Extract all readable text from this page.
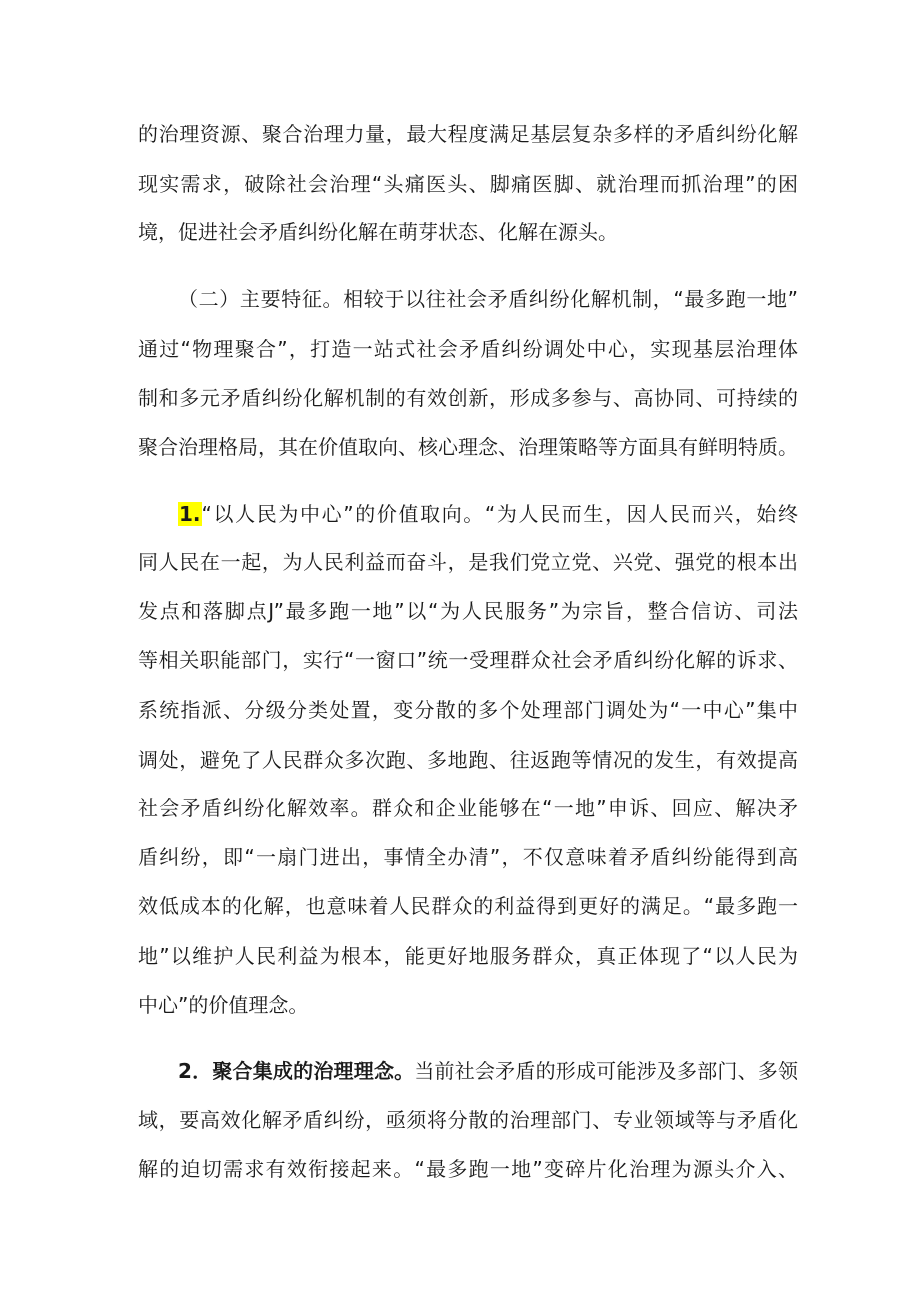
的治理资源、聚合治理力量，最大程度满足基层复杂多样的矛盾纠纷化解
现实需求，破除社会治理“头痛医头、脚痛医脚、就治理而抓治理”的困
境，促进社会矛盾纠纷化解在萌芽状态、化解在源头。
（二）主要特征。相较于以往社会矛盾纠纷化解机制，“最多跑一地”
通过“物理聚合”，打造一站式社会矛盾纠纷调处中心，实现基层治理体
制和多元矛盾纠纷化解机制的有效创新，形成多参与、高协同、可持续的
聚合治理格局，其在价值取向、核心理念、治理策略等方面具有鲜明特质。
1.“以人民为中心”的价值取向。“为人民而生，因人民而兴，始终
同人民在一起，为人民利益而奋斗，是我们党立党、兴党、强党的根本出
发点和落脚点J”最多跑一地”以“为人民服务”为宗旨，整合信访、司法
等相关职能部门，实行“一窗口”统一受理群众社会矛盾纠纷化解的诉求、
系统指派、分级分类处置，变分散的多个处理部门调处为“一中心”集中
调处，避免了人民群众多次跑、多地跑、往返跑等情况的发生，有效提高
社会矛盾纠纷化解效率。群众和企业能够在“一地”申诉、回应、解决矛
盾纠纷，即“一扇门进出，事情全办清”，不仅意味着矛盾纠纷能得到高
效低成本的化解，也意味着人民群众的利益得到更好的满足。“最多跑一
地”以维护人民利益为根本，能更好地服务群众，真正体现了“以人民为
中心”的价值理念。
2．聚合集成的治理理念。当前社会矛盾的形成可能涉及多部门、多领
域，要高效化解矛盾纠纷，亟须将分散的治理部门、专业领域等与矛盾化
解的迫切需求有效衔接起来。“最多跑一地”变碎片化治理为源头介入、
